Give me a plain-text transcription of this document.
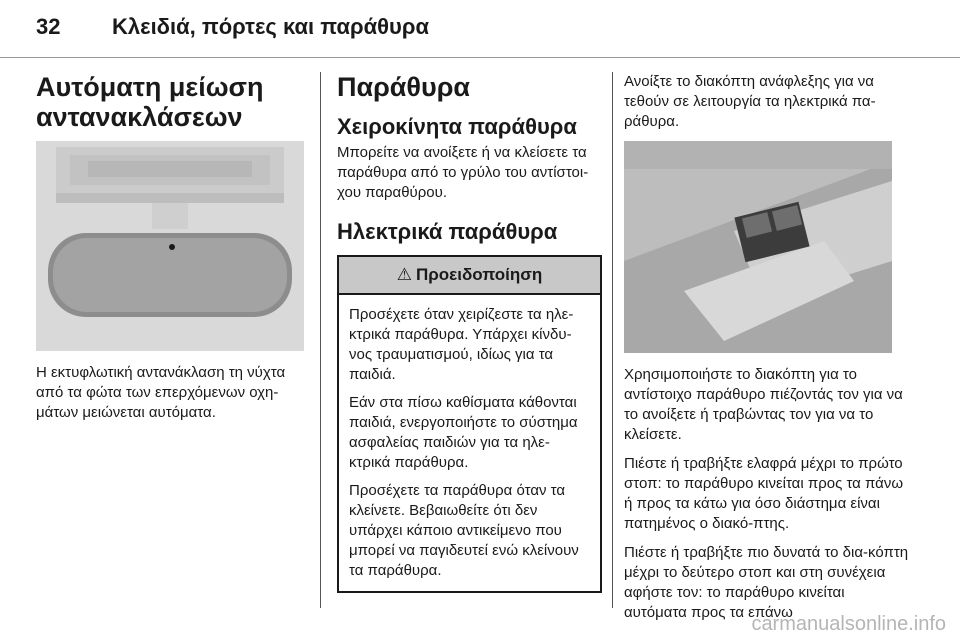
32 Κλειδιά, πόρτες και παράθυρα
Αυτόματη μείωση
αντανακλάσεων

Η εκτυφλωτική αντανάκλαση τη νύχτα από τα φώτα των επερχόμενων οχη-μάτων μειώνεται αυτόματα.

Παράθυρα
Χειροκίνητα παράθυρα

Μπορείτε να ανοίξετε ή να κλείσετε τα παράθυρα από το γρύλο του αντίστοι-χου παραθύρου.

Ηλεκτρικά παράθυρα
⚠ Προειδοποίηση

Προσέχετε όταν χειρίζεστε τα ηλε-κτρικά παράθυρα. Υπάρχει κίνδυ-νος τραυματισμού, ιδίως για τα παιδιά.

Εάν στα πίσω καθίσματα κάθονται παιδιά, ενεργοποιήστε το σύστημα ασφαλείας παιδιών για τα ηλε-κτρικά παράθυρα.

Προσέχετε τα παράθυρα όταν τα κλείνετε. Βεβαιωθείτε ότι δεν υπάρχει κάποιο αντικείμενο που μπορεί να παγιδευτεί ενώ κλείνουν τα παράθυρα.

Ανοίξτε το διακόπτη ανάφλεξης για να τεθούν σε λειτουργία τα ηλεκτρικά πα-ράθυρα.

Χρησιμοποιήστε το διακόπτη για το αντίστοιχο παράθυρο πιέζοντάς τον για να το ανοίξετε ή τραβώντας τον για να το κλείσετε.

Πιέστε ή τραβήξτε ελαφρά μέχρι το πρώτο στοπ: το παράθυρο κινείται προς τα πάνω ή προς τα κάτω για όσο διάστημα είναι πατημένος ο διακό-πτης.

Πιέστε ή τραβήξτε πιο δυνατά το δια-κόπτη μέχρι το δεύτερο στοπ και στη συνέχεια αφήστε τον: το παράθυρο κινείται αυτόματα προς τα επάνω

carmanualsonline.info
